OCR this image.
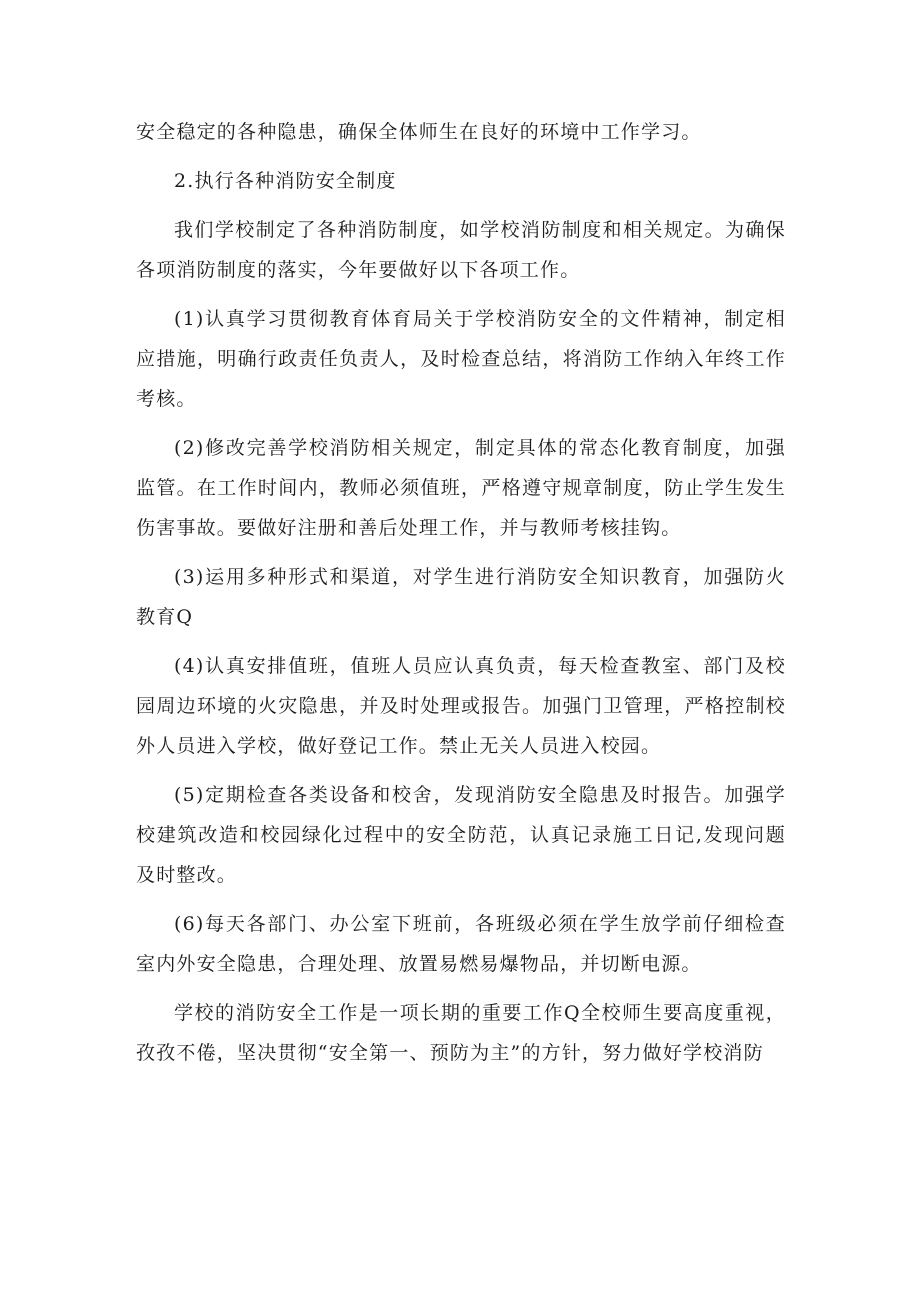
安全稳定的各种隐患，确保全体师生在良好的环境中工作学习。

2.执行各种消防安全制度

我们学校制定了各种消防制度，如学校消防制度和相关规定。为确保各项消防制度的落实，今年要做好以下各项工作。

(1)认真学习贯彻教育体育局关于学校消防安全的文件精神，制定相应措施，明确行政责任负责人，及时检查总结，将消防工作纳入年终工作考核。

(2)修改完善学校消防相关规定，制定具体的常态化教育制度，加强监管。在工作时间内，教师必须值班，严格遵守规章制度，防止学生发生伤害事故。要做好注册和善后处理工作，并与教师考核挂钩。

(3)运用多种形式和渠道，对学生进行消防安全知识教育，加强防火教育Q

(4)认真安排值班，值班人员应认真负责，每天检查教室、部门及校园周边环境的火灾隐患，并及时处理或报告。加强门卫管理，严格控制校外人员进入学校，做好登记工作。禁止无关人员进入校园。

(5)定期检查各类设备和校舍，发现消防安全隐患及时报告。加强学校建筑改造和校园绿化过程中的安全防范，认真记录施工日记,发现问题及时整改。

(6)每天各部门、办公室下班前，各班级必须在学生放学前仔细检查室内外安全隐患，合理处理、放置易燃易爆物品，并切断电源。

学校的消防安全工作是一项长期的重要工作Q全校师生要高度重视，孜孜不倦，坚决贯彻“安全第一、预防为主”的方针，努力做好学校消防
